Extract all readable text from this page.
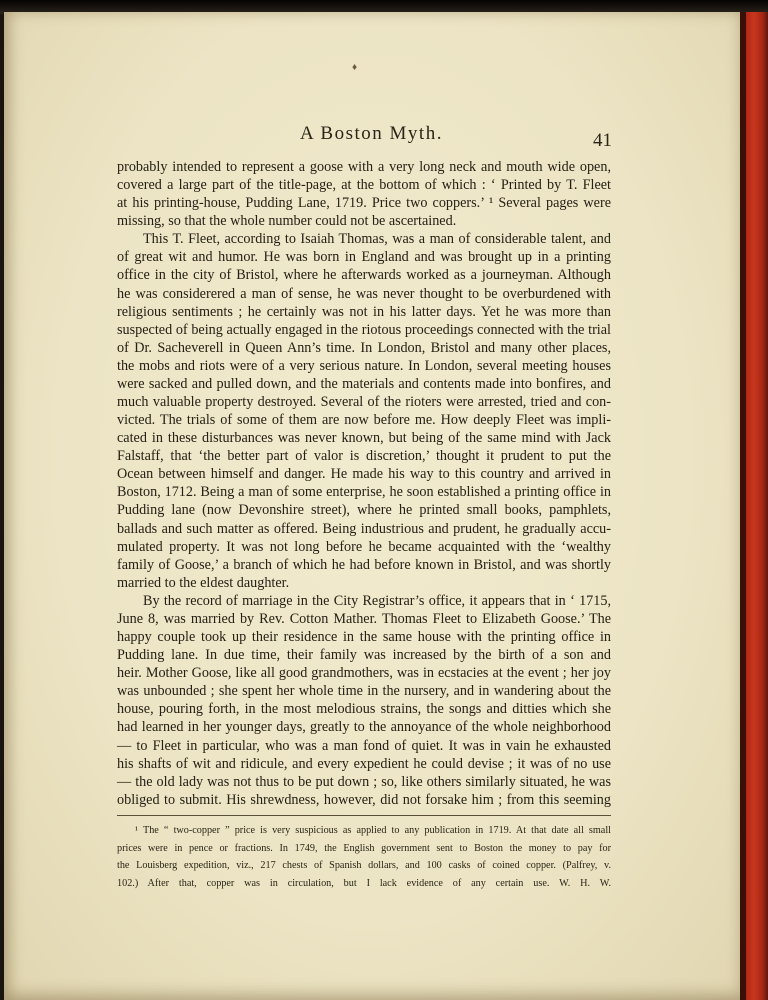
♦
A Boston Myth.	41
probably intended to represent a goose with a very long neck and mouth wide open,
covered a large part of the title-page, at the bottom of which : ‘ Printed by T. Fleet
at his printing-house, Pudding Lane, 1719. Price two coppers.’ ¹ Several pages were
missing, so that the whole number could not be ascertained.
This T. Fleet, according to Isaiah Thomas, was a man of considerable talent, and
of great wit and humor. He was born in England and was brought up in a printing
office in the city of Bristol, where he afterwards worked as a journeyman. Although
he was considerered a man of sense, he was never thought to be overburdened with
religious sentiments ; he certainly was not in his latter days. Yet he was more than
suspected of being actually engaged in the riotous proceedings connected with the trial
of Dr. Sacheverell in Queen Ann’s time. In London, Bristol and many other places,
the mobs and riots were of a very serious nature. In London, several meeting houses
were sacked and pulled down, and the materials and contents made into bonfires, and
much valuable property destroyed. Several of the rioters were arrested, tried and con-
victed. The trials of some of them are now before me. How deeply Fleet was impli-
cated in these disturbances was never known, but being of the same mind with Jack
Falstaff, that ‘the better part of valor is discretion,’ thought it prudent to put the
Ocean between himself and danger. He made his way to this country and arrived in
Boston, 1712. Being a man of some enterprise, he soon established a printing office in
Pudding lane (now Devonshire street), where he printed small books, pamphlets,
ballads and such matter as offered. Being industrious and prudent, he gradually accu-
mulated property. It was not long before he became acquainted with the ‘wealthy
family of Goose,’ a branch of which he had before known in Bristol, and was shortly
married to the eldest daughter.
By the record of marriage in the City Registrar’s office, it appears that in ‘ 1715,
June 8, was married by Rev. Cotton Mather. Thomas Fleet to Elizabeth Goose.’ The
happy couple took up their residence in the same house with the printing office in
Pudding lane. In due time, their family was increased by the birth of a son and
heir. Mother Goose, like all good grandmothers, was in ecstacies at the event ; her joy
was unbounded ; she spent her whole time in the nursery, and in wandering about the
house, pouring forth, in the most melodious strains, the songs and ditties which she
had learned in her younger days, greatly to the annoyance of the whole neighborhood
— to Fleet in particular, who was a man fond of quiet. It was in vain he exhausted
his shafts of wit and ridicule, and every expedient he could devise ; it was of no use
— the old lady was not thus to be put down ; so, like others similarly situated, he was
obliged to submit. His shrewdness, however, did not forsake him ; from this seeming
¹ The “ two-copper ” price is very suspicious as applied to any publication in 1719. At that date all small
prices were in pence or fractions. In 1749, the English government sent to Boston the money to pay for
the Louisberg expedition, viz., 217 chests of Spanish dollars, and 100 casks of coined copper. (Palfrey, v.
102.) After that, copper was in circulation, but I lack evidence of any certain use. W. H. W.
